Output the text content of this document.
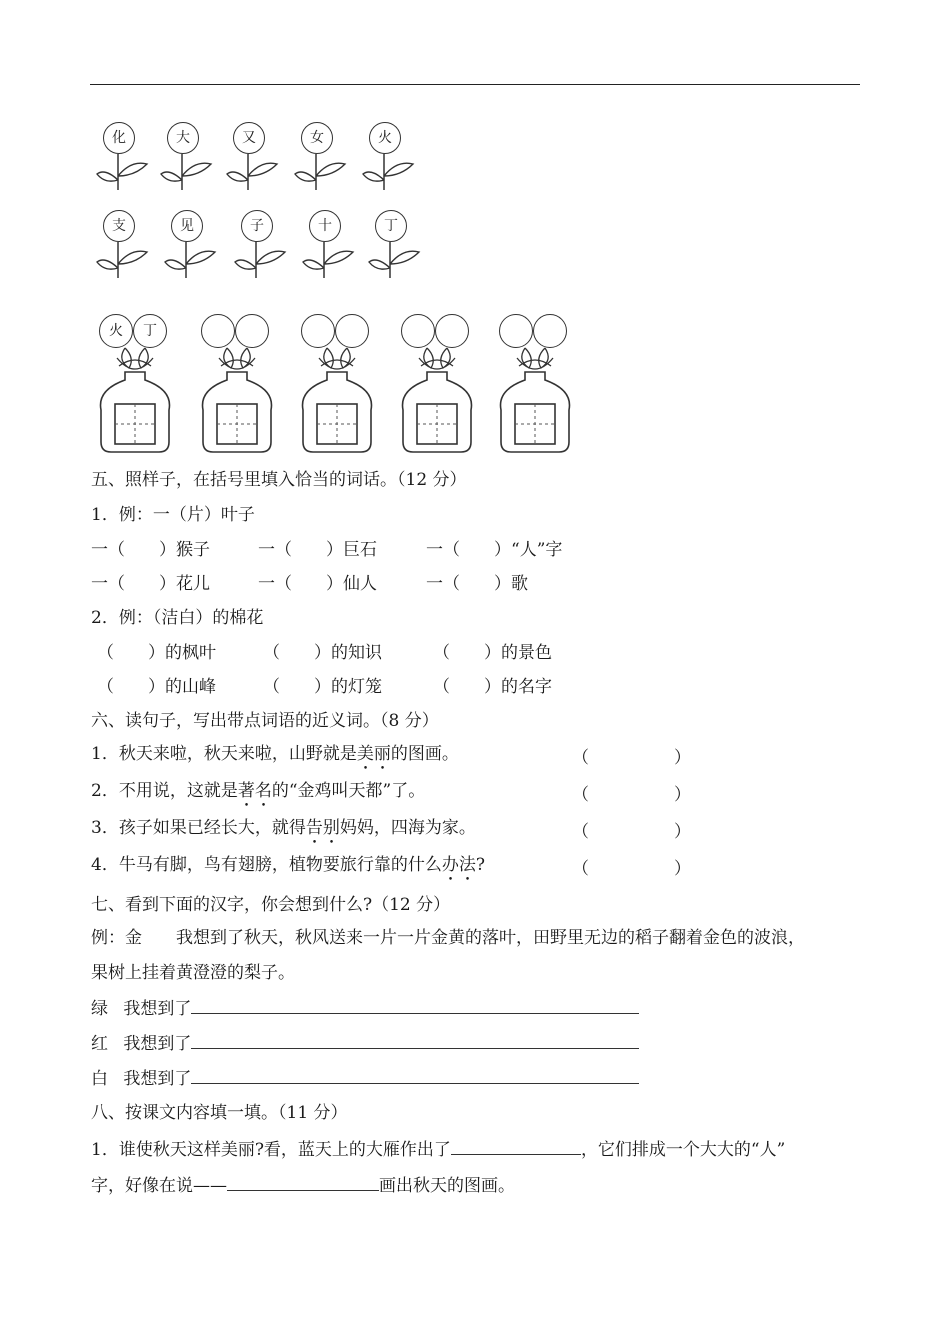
化	大	又	女	火
支	见	子	十	丁
火	丁
五、照样子，在括号里填入恰当的词话。（12 分）
1．例：一（片）叶子
一（　　）猴子	一（　　）巨石	一（　　）“人”字
一（　　）花儿	一（　　）仙人	一（　　）歌
2．例：（洁白）的棉花
（　　）的枫叶	（　　）的知识	（　　）的景色
（　　）的山峰	（　　）的灯笼	（　　）的名字
六、读句子，写出带点词语的近义词。（8 分）
1．秋天来啦，秋天来啦，山野就是美丽的图画。	（　　　　　）
2．不用说，这就是著名的“金鸡叫天都”了。	（　　　　　）
3．孩子如果已经长大，就得告别妈妈，四海为家。	（　　　　　）
4．牛马有脚，鸟有翅膀，植物要旅行靠的什么办法?	（　　　　　）
七、看到下面的汉字，你会想到什么?（12 分）
例：金　　我想到了秋天，秋风送来一片一片金黄的落叶，田野里无边的稻子翻着金色的波浪，
果树上挂着黄澄澄的梨子。
绿 我想到了
红 我想到了
白 我想到了
八、按课文内容填一填。（11 分）
1．谁使秋天这样美丽?看，蓝天上的大雁作出了	，它们排成一个大大的“人”
字，好像在说——	画出秋天的图画。
